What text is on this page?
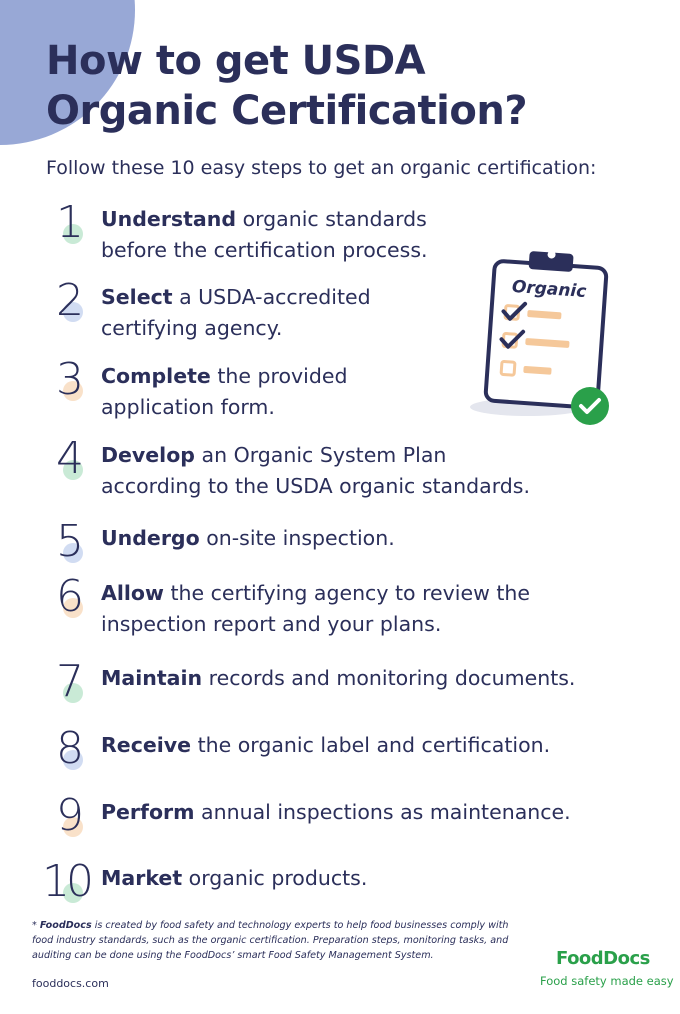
How to get USDA Organic Certification?

Follow these 10 easy steps to get an organic certification:

1 Understand organic standards
before the certification process.

2 Select a USDA-accredited
certifying agency.

3 Complete the provided
application form.

4 Develop an Organic System Plan
according to the USDA organic standards.

5 Undergo on-site inspection.

6 Allow the certifying agency to review the
inspection report and your plans.

7 Maintain records and monitoring documents.

8 Receive the organic label and certification.

9 Perform annual inspections as maintenance.

10 Market organic products.

Organic

* FoodDocs is created by food safety and technology experts to help food businesses comply with food industry standards, such as the organic certification. Preparation steps, monitoring tasks, and auditing can be done using the FoodDocs’ smart Food Safety Management System.

fooddocs.com
FoodDocs
Food safety made easy
